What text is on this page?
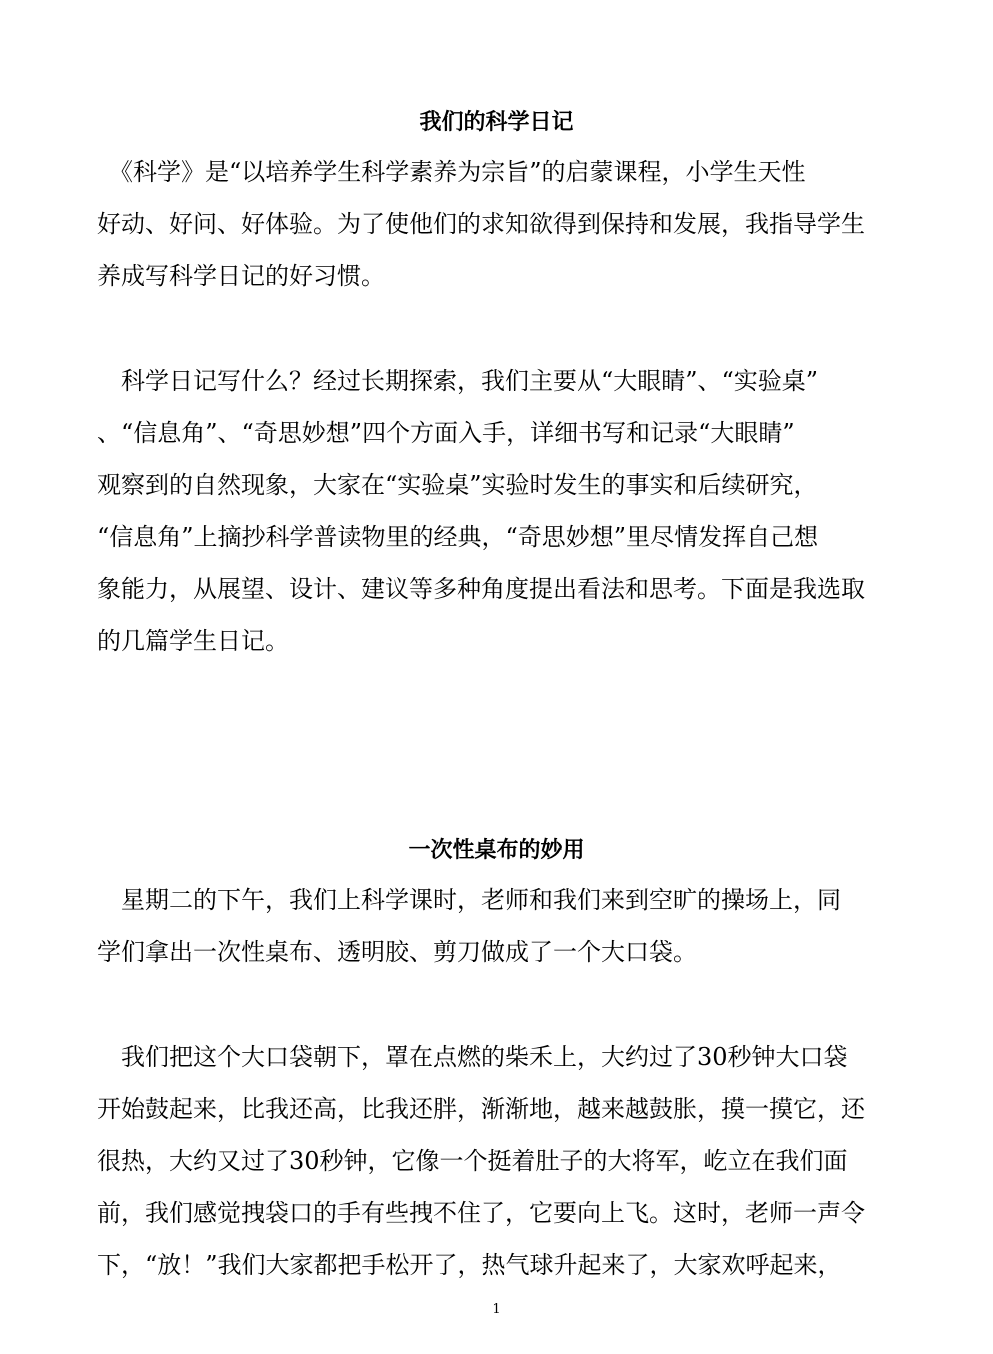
我们的科学日记
　《科学》是“以培养学生科学素养为宗旨”的启蒙课程，小学生天性
好动、好问、好体验。为了使他们的求知欲得到保持和发展，我指导学生
养成写科学日记的好习惯。
　科学日记写什么？经过长期探索，我们主要从“大眼睛”、“实验桌”
、“信息角”、“奇思妙想”四个方面入手，详细书写和记录“大眼睛”
观察到的自然现象，大家在“实验桌”实验时发生的事实和后续研究，
“信息角”上摘抄科学普读物里的经典，“奇思妙想”里尽情发挥自己想
象能力，从展望、设计、建议等多种角度提出看法和思考。下面是我选取
的几篇学生日记。
一次性桌布的妙用
　星期二的下午，我们上科学课时，老师和我们来到空旷的操场上，同
学们拿出一次性桌布、透明胶、剪刀做成了一个大口袋。
　我们把这个大口袋朝下，罩在点燃的柴禾上，大约过了30秒钟大口袋
开始鼓起来，比我还高，比我还胖，渐渐地，越来越鼓胀，摸一摸它，还
很热，大约又过了30秒钟，它像一个挺着肚子的大将军，屹立在我们面
前，我们感觉拽袋口的手有些拽不住了，它要向上飞。这时，老师一声令
下，“放！”我们大家都把手松开了，热气球升起来了，大家欢呼起来，
1
